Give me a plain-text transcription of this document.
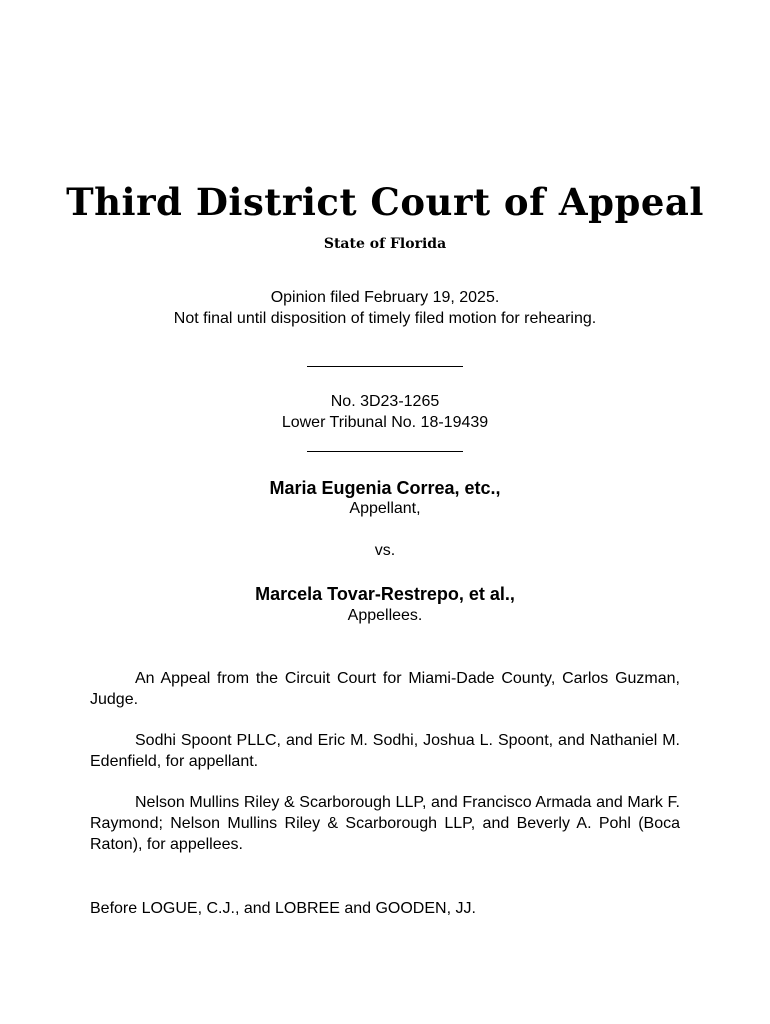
Third District Court of Appeal
State of Florida
Opinion filed February 19, 2025.
Not final until disposition of timely filed motion for rehearing.
No. 3D23-1265
Lower Tribunal No. 18-19439
Maria Eugenia Correa, etc.,
Appellant,
vs.
Marcela Tovar-Restrepo, et al.,
Appellees.

An Appeal from the Circuit Court for Miami-Dade County, Carlos Guzman, Judge.

Sodhi Spoont PLLC, and Eric M. Sodhi, Joshua L. Spoont, and Nathaniel M. Edenfield, for appellant.

Nelson Mullins Riley & Scarborough LLP, and Francisco Armada and Mark F. Raymond; Nelson Mullins Riley & Scarborough LLP, and Beverly A. Pohl (Boca Raton), for appellees.

Before LOGUE, C.J., and LOBREE and GOODEN, JJ.
